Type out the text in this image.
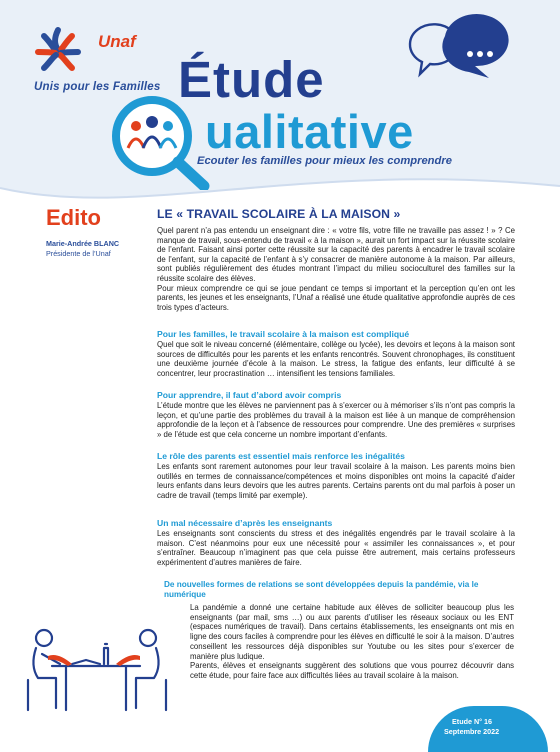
Unaf
Unis pour les Familles Étude
ualitative
Ecouter les familles pour mieux les comprendre
Edito
Marie-Andrée BLANC
Présidente de l’Unaf
LE « TRAVAIL SCOLAIRE À LA MAISON »

Quel parent n’a pas entendu un enseignant dire : « votre fils, votre fille ne travaille pas assez ! » ? Ce manque de travail, sous-entendu de travail « à la maison », aurait un fort impact sur la réussite scolaire de l’enfant. Faisant ainsi porter cette réussite sur la capacité des parents à encadrer le travail scolaire de l’enfant, sur la capacité de l’enfant à s’y consacrer de manière autonome à la maison. Par ailleurs, sont publiés régulièrement des études montrant l’impact du milieu socioculturel des familles sur la réussite scolaire des élèves.

Pour mieux comprendre ce qui se joue pendant ce temps si important et la perception qu’en ont les parents, les jeunes et les enseignants, l’Unaf a réalisé une étude qualitative approfondie auprès de ces trois types d’acteurs.

Pour les familles, le travail scolaire à la maison est compliqué
Quel que soit le niveau concerné (élémentaire, collège ou lycée), les devoirs et leçons à la maison sont sources de difficultés pour les parents et les enfants rencontrés. Souvent chronophages, ils constituent une deuxième journée d’école à la maison. Le stress, la fatigue des enfants, leur difficulté à se concentrer, leur procrastination … intensifient les tensions familiales.
Pour apprendre, il faut d’abord avoir compris
L’étude montre que les élèves ne parviennent pas à s’exercer ou à mémoriser s’ils n’ont pas compris la leçon, et qu’une partie des problèmes du travail à la maison est liée à un manque de compréhension approfondie de la leçon et à l’absence de ressources pour comprendre. Une des premières « surprises » de l’étude est que cela concerne un nombre important d’enfants.
Le rôle des parents est essentiel mais renforce les inégalités
Les enfants sont rarement autonomes pour leur travail scolaire à la maison. Les parents moins bien outillés en termes de connaissance/compétences et moins disponibles ont moins la capacité d’aider leurs enfants dans leurs devoirs que les autres parents. Certains parents ont du mal parfois à poser un cadre de travail (temps limité par exemple).
Un mal nécessaire d’après les enseignants
Les enseignants sont conscients du stress et des inégalités engendrés par le travail scolaire à la maison. C’est néanmoins pour eux une nécessité pour « assimiler les connaissances », et pour s’entraîner. Beaucoup n’imaginent pas que cela puisse être autrement, mais certains professeurs expérimentent d’autres manières de faire.
De nouvelles formes de relations se sont développées depuis la pandémie, via le numérique

La pandémie a donné une certaine habitude aux élèves de solliciter beaucoup plus les enseignants (par mail, sms …) ou aux parents d’utiliser les réseaux sociaux ou les ENT (espaces numériques de travail). Dans certains établissements, les enseignants ont mis en ligne des cours faciles à comprendre pour les élèves en difficulté le soir à la maison. D’autres conseillent les ressources déjà disponibles sur Youtube ou les sites pour s’exercer de manière plus ludique.

Parents, élèves et enseignants suggèrent des solutions que vous pourrez découvrir dans cette étude, pour faire face aux difficultés liées au travail scolaire à la maison.

Etude N° 16
Septembre 2022
